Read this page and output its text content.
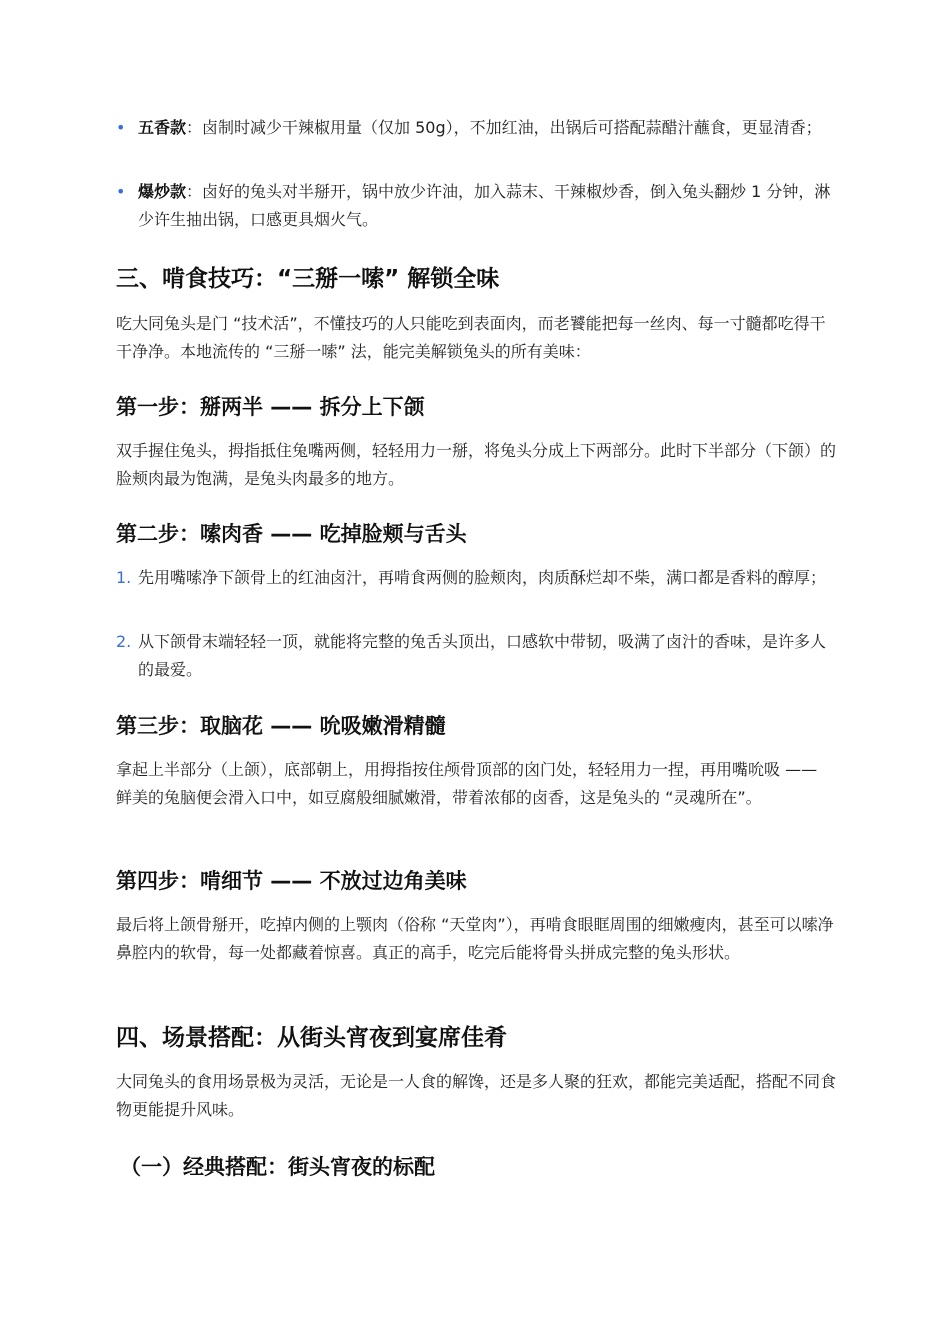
• 五香款：卤制时减少干辣椒用量（仅加 50g），不加红油，出锅后可搭配蒜醋汁蘸食，更显清香；
• 爆炒款：卤好的兔头对半掰开，锅中放少许油，加入蒜末、干辣椒炒香，倒入兔头翻炒 1 分钟，淋少许生抽出锅，口感更具烟火气。
三、啃食技巧：“三掰一嗦” 解锁全味

吃大同兔头是门 “技术活”，不懂技巧的人只能吃到表面肉，而老饕能把每一丝肉、每一寸髓都吃得干干净净。本地流传的 “三掰一嗦” 法，能完美解锁兔头的所有美味：

第一步：掰两半 —— 拆分上下颌

双手握住兔头，拇指抵住兔嘴两侧，轻轻用力一掰，将兔头分成上下两部分。此时下半部分（下颌）的脸颊肉最为饱满，是兔头肉最多的地方。

第二步：嗦肉香 —— 吃掉脸颊与舌头
1. 先用嘴嗦净下颌骨上的红油卤汁，再啃食两侧的脸颊肉，肉质酥烂却不柴，满口都是香料的醇厚；
2. 从下颌骨末端轻轻一顶，就能将完整的兔舌头顶出，口感软中带韧，吸满了卤汁的香味，是许多人的最爱。
第三步：取脑花 —— 吮吸嫩滑精髓

拿起上半部分（上颌），底部朝上，用拇指按住颅骨顶部的囟门处，轻轻用力一捏，再用嘴吮吸 —— 鲜美的兔脑便会滑入口中，如豆腐般细腻嫩滑，带着浓郁的卤香，这是兔头的 “灵魂所在”。

第四步：啃细节 —— 不放过边角美味

最后将上颌骨掰开，吃掉内侧的上颚肉（俗称 “天堂肉”），再啃食眼眶周围的细嫩瘦肉，甚至可以嗦净鼻腔内的软骨，每一处都藏着惊喜。真正的高手，吃完后能将骨头拼成完整的兔头形状。

四、场景搭配：从街头宵夜到宴席佳肴

大同兔头的食用场景极为灵活，无论是一人食的解馋，还是多人聚的狂欢，都能完美适配，搭配不同食物更能提升风味。

（一）经典搭配：街头宵夜的标配
